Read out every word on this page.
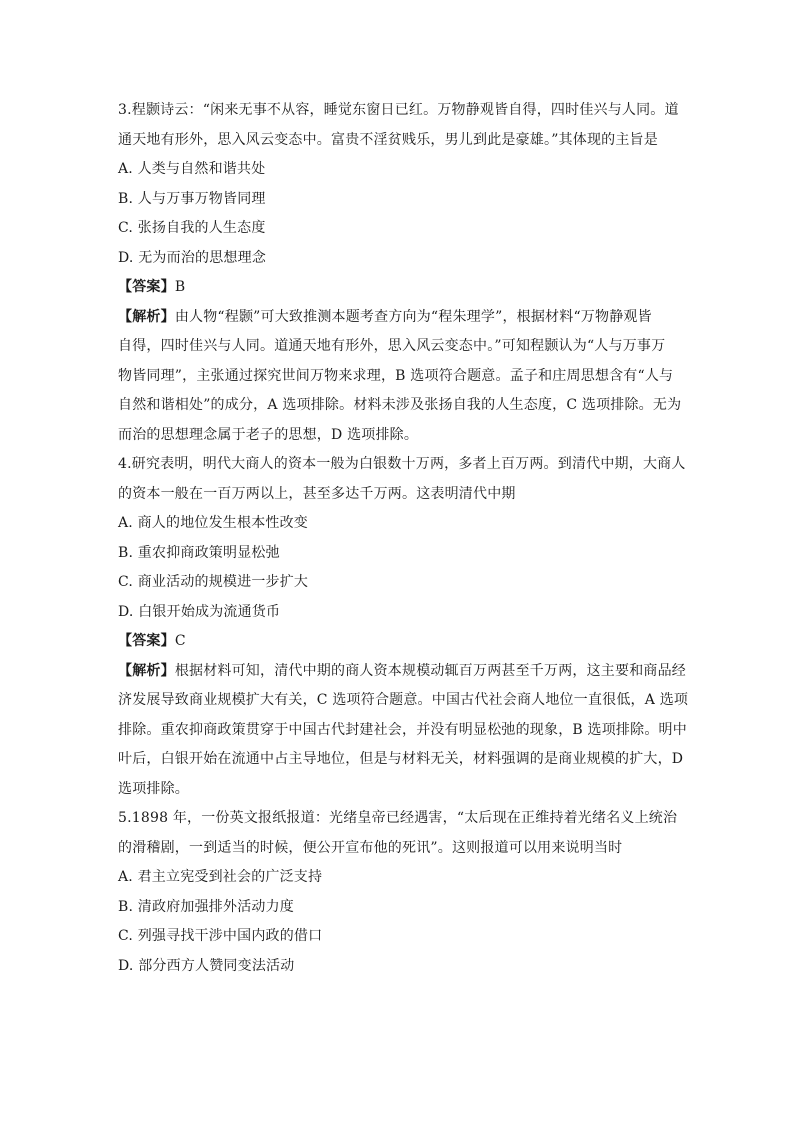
3.程颢诗云：“闲来无事不从容，睡觉东窗日已红。万物静观皆自得，四时佳兴与人同。道
通天地有形外，思入风云变态中。富贵不淫贫贱乐，男儿到此是豪雄。”其体现的主旨是
A. 人类与自然和谐共处
B. 人与万事万物皆同理
C. 张扬自我的人生态度
D. 无为而治的思想理念
【答案】B
【解析】由人物“程颢”可大致推测本题考查方向为“程朱理学”，根据材料“万物静观皆
自得，四时佳兴与人同。道通天地有形外，思入风云变态中。”可知程颢认为“人与万事万
物皆同理”，主张通过探究世间万物来求理，B 选项符合题意。孟子和庄周思想含有“人与
自然和谐相处”的成分，A 选项排除。材料未涉及张扬自我的人生态度，C 选项排除。无为
而治的思想理念属于老子的思想，D 选项排除。
4.研究表明，明代大商人的资本一般为白银数十万两，多者上百万两。到清代中期，大商人
的资本一般在一百万两以上，甚至多达千万两。这表明清代中期
A. 商人的地位发生根本性改变
B. 重农抑商政策明显松弛
C. 商业活动的规模进一步扩大
D. 白银开始成为流通货币
【答案】C
【解析】根据材料可知，清代中期的商人资本规模动辄百万两甚至千万两，这主要和商品经
济发展导致商业规模扩大有关，C 选项符合题意。中国古代社会商人地位一直很低，A 选项
排除。重农抑商政策贯穿于中国古代封建社会，并没有明显松弛的现象，B 选项排除。明中
叶后，白银开始在流通中占主导地位，但是与材料无关，材料强调的是商业规模的扩大，D
选项排除。
5.1898 年，一份英文报纸报道：光绪皇帝已经遇害，“太后现在正维持着光绪名义上统治
的滑稽剧，一到适当的时候，便公开宣布他的死讯”。这则报道可以用来说明当时
A. 君主立宪受到社会的广泛支持
B. 清政府加强排外活动力度
C. 列强寻找干涉中国内政的借口
D. 部分西方人赞同变法活动
